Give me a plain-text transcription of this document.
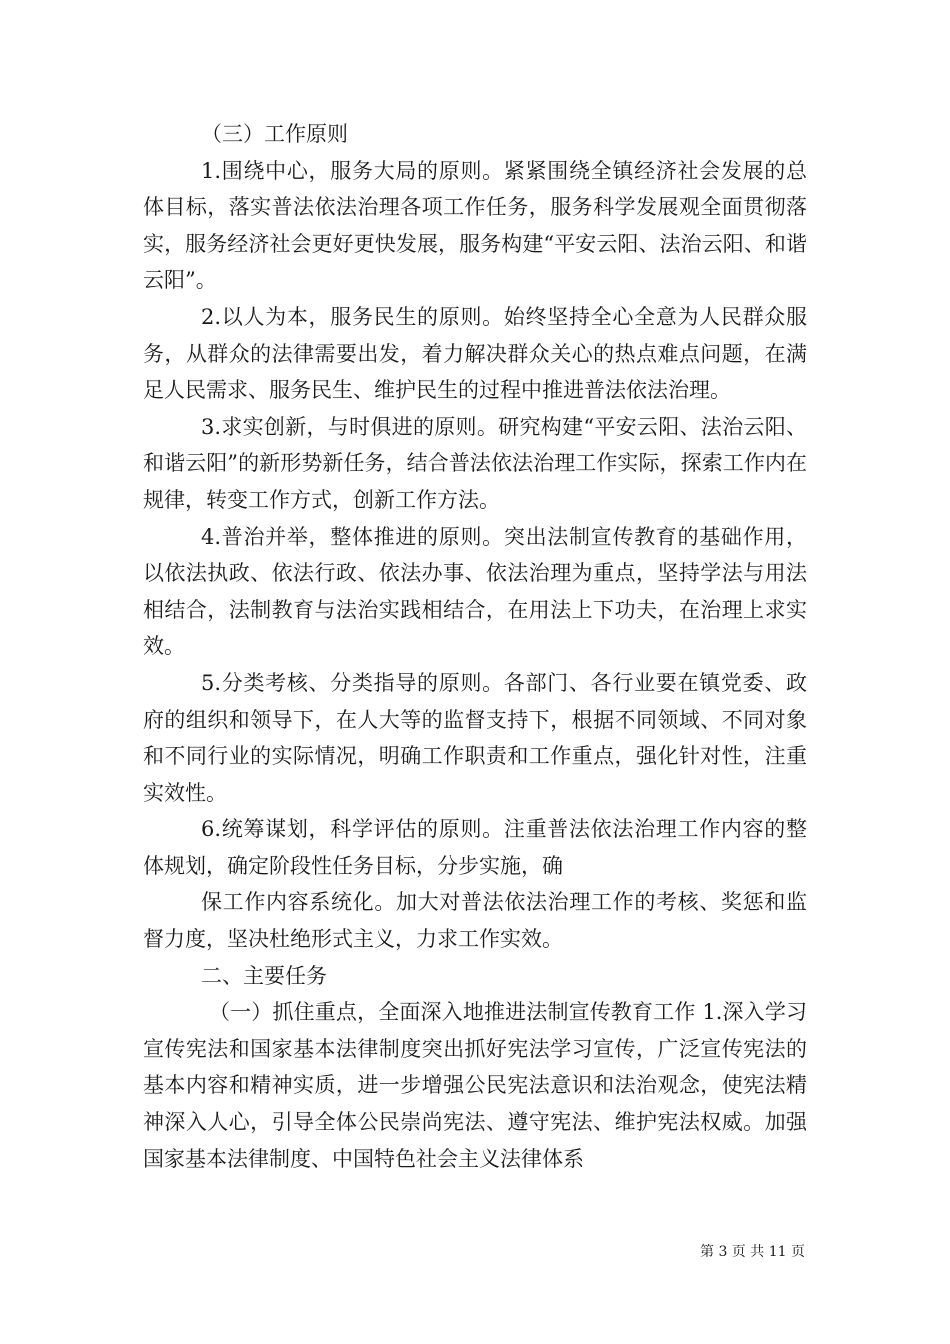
（三）工作原则

1.围绕中心，服务大局的原则。紧紧围绕全镇经济社会发展的总体目标，落实普法依法治理各项工作任务，服务科学发展观全面贯彻落实，服务经济社会更好更快发展，服务构建“平安云阳、法治云阳、和谐云阳”。

2.以人为本，服务民生的原则。始终坚持全心全意为人民群众服务，从群众的法律需要出发，着力解决群众关心的热点难点问题，在满足人民需求、服务民生、维护民生的过程中推进普法依法治理。

3.求实创新，与时俱进的原则。研究构建“平安云阳、法治云阳、和谐云阳”的新形势新任务，结合普法依法治理工作实际，探索工作内在规律，转变工作方式，创新工作方法。

4.普治并举，整体推进的原则。突出法制宣传教育的基础作用，以依法执政、依法行政、依法办事、依法治理为重点，坚持学法与用法相结合，法制教育与法治实践相结合，在用法上下功夫，在治理上求实效。

5.分类考核、分类指导的原则。各部门、各行业要在镇党委、政府的组织和领导下，在人大等的监督支持下，根据不同领域、不同对象和不同行业的实际情况，明确工作职责和工作重点，强化针对性，注重实效性。

6.统筹谋划，科学评估的原则。注重普法依法治理工作内容的整体规划，确定阶段性任务目标，分步实施，确

保工作内容系统化。加大对普法依法治理工作的考核、奖惩和监督力度，坚决杜绝形式主义，力求工作实效。

二、主要任务

（一）抓住重点，全面深入地推进法制宣传教育工作 1.深入学习宣传宪法和国家基本法律制度突出抓好宪法学习宣传，广泛宣传宪法的基本内容和精神实质，进一步增强公民宪法意识和法治观念，使宪法精神深入人心，引导全体公民崇尚宪法、遵守宪法、维护宪法权威。加强国家基本法律制度、中国特色社会主义法律体系

第 3 页 共 11 页
